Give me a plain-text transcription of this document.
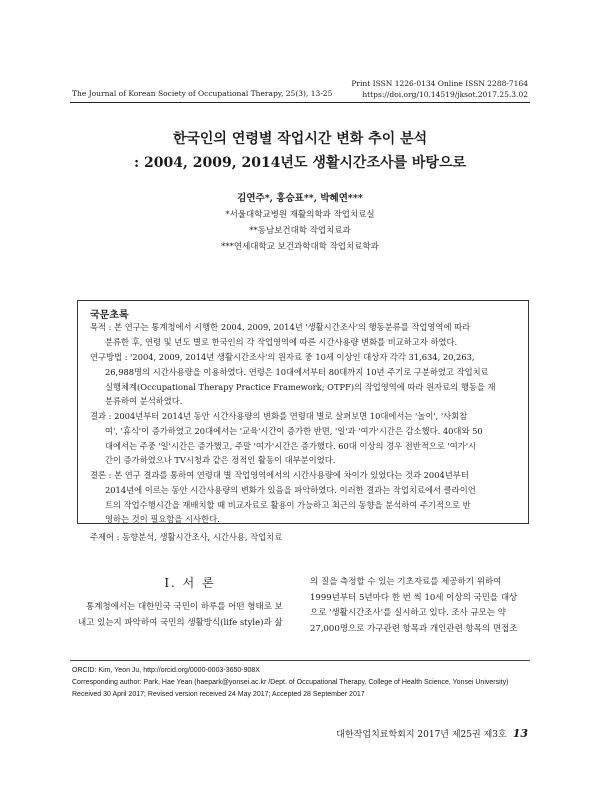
Print ISSN 1226-0134 Online ISSN 2288-7164
https://doi.org/10.14519/jksot.2017.25.3.02
The Journal of Korean Society of Occupational Therapy, 25(3), 13-25
한국인의 연령별 작업시간 변화 추이 분석
: 2004, 2009, 2014년도 생활시간조사를 바탕으로
김연주*, 홍승표**, 박혜연***
*서울대학교병원 재활의학과 작업치료실
**동남보건대학 작업치료과
***연세대학교 보건과학대학 작업치료학과
국문초록
목적 : 본 연구는 통계청에서 시행한 2004, 2009, 2014년 '생활시간조사'의 행동분류를 작업영역에 따라
분류한 후, 연령 및 년도 별로 한국인의 각 작업영역에 따른 시간사용량 변화를 비교하고자 하였다.
연구방법 : '2004, 2009, 2014년 생활시간조사'의 원자료 중 10세 이상인 대상자 각각 31,634, 20,263,
26,988명의 시간사용량을 이용하였다. 연령은 10대에서부터 80대까지 10년 주기로 구분하였고 작업치료
실행체계(Occupational Therapy Practice Framework; OTPF)의 작업영역에 따라 원자료의 행동을 재
분류하여 분석하였다.
결과 : 2004년부터 2014년 동안 시간사용량의 변화를 연령대 별로 살펴보면 10대에서는 '놀이', '사회참
여', '휴식'이 증가하였고 20대에서는 '교육'시간이 증가한 반면, '일'과 '여가'시간은 감소했다. 40대와 50
대에서는 주중 '일'시간은 증가했고, 주말 '여가'시간은 증가했다. 60대 이상의 경우 전반적으로 '여가'시
간이 증가하였으나 TV시청과 같은 정적인 활동이 대부분이었다.
결론 : 본 연구 결과를 통하여 연령대 별 작업영역에서의 시간사용량에 차이가 있었다는 것과 2004년부터
2014년에 이르는 동안 시간사용량의 변화가 있음을 파악하였다. 이러한 결과는 작업치료에서 클라이언
트의 작업수행시간을 재배치할 때 비교자료로 활용이 가능하고 최근의 동향을 분석하여 주기적으로 반
영하는 것이 필요함을 시사한다.
주제어 : 동향분석, 생활시간조사, 시간사용, 작업치료
Ⅰ. 서 론
통계청에서는 대한민국 국민이 하루를 어떤 형태로 보
내고 있는지 파악하여 국민의 생활방식(life style)과 삶
의 질을 측정할 수 있는 기초자료를 제공하기 위하여
1999년부터 5년마다 한 번 씩 10세 이상의 국민을 대상
으로 '생활시간조사'를 실시하고 있다. 조사 규모는 약
27,000명으로 가구관련 항목과 개인관련 항목의 면접조
ORCID: Kim, Yeon Ju, http://orcid.org/0000-0003-3650-908X
Corresponding author: Park, Hae Yean (haepark@yonsei.ac.kr /Dept. of Occupational Therapy, College of Health Science, Yonsei University)
Received 30 April 2017; Revised version received 24 May 2017; Accepted 28 September 2017
대한작업치료학회지 2017년 제25권 제3호 13
